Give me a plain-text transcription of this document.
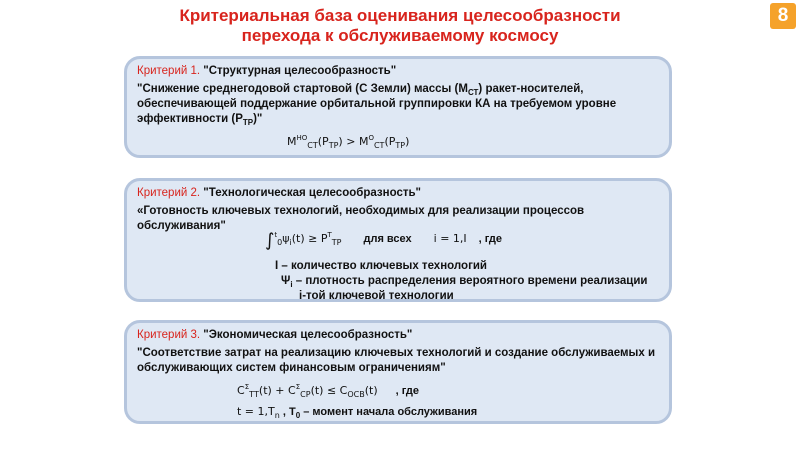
Критериальная база оценивания целесообразности
перехода к обслуживаемому космосу
8
Критерий 1. "Структурная целесообразность"
"Снижение среднегодовой стартовой (С Земли) массы $(M_{СТ})$ ракет-носителей, обеспечивающей поддержание орбитальной группировки КА на требуемом уровне эффективности $(P_{ТР})$"
$M^{НО}_{СТ}(P_{ТР}) > M^О_{СТ}(P_{ТР})$
Критерий 2. "Технологическая целесообразность"
«Готовность ключевых технологий, необходимых для реализации процессов обслуживания"
$\int^t_0\psi_i(t) \ge P^T_{ТР}$ для всех i = 1,I , где
I – количество ключевых технологий
$\Psi_i$ – плотность распределения вероятного времени реализации
i-той ключевой технологии
Критерий 3. "Экономическая целесообразность"
"Соответствие затрат на реализацию ключевых технологий и создание обслуживаемых и обслуживающих систем финансовым ограничениям"
$C^\Sigma_{ТТ}(t) + C^\Sigma_{СР}(t) \le C_{ОСВ}(t)$ , где
$t = 1,T_n$ , $T_0$ – момент начала обслуживания
